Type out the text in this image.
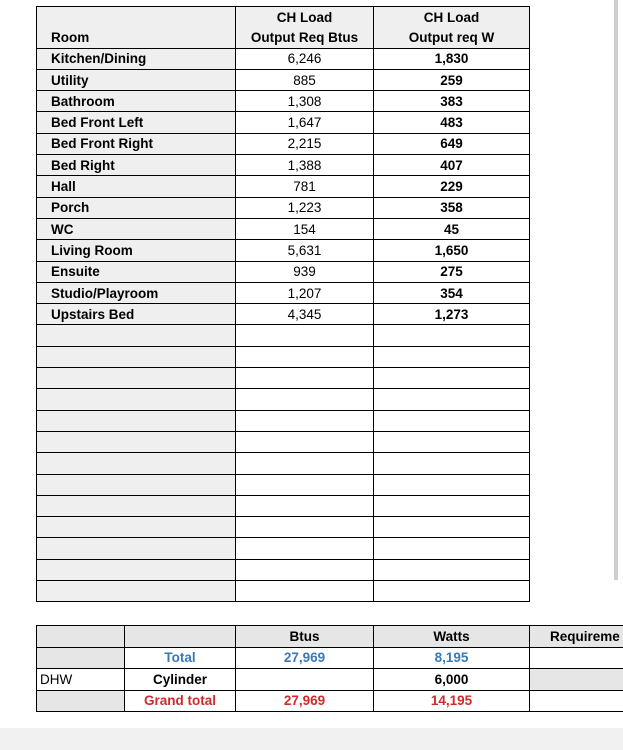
	CH Load	CH Load
Room	Output Req Btus	Output req W
Kitchen/Dining	6,246	1,830
Utility	885	259
Bathroom	1,308	383
Bed Front Left	1,647	483
Bed Front Right	2,215	649
Bed Right	1,388	407
Hall	781	229
Porch	1,223	358
WC	154	45
Living Room	5,631	1,650
Ensuite	939	275
Studio/Playroom	1,207	354
Upstairs Bed	4,345	1,273

		Btus	Watts	Requireme
	Total	27,969	8,195	
DHW	Cylinder		6,000	
	Grand total	27,969	14,195	
